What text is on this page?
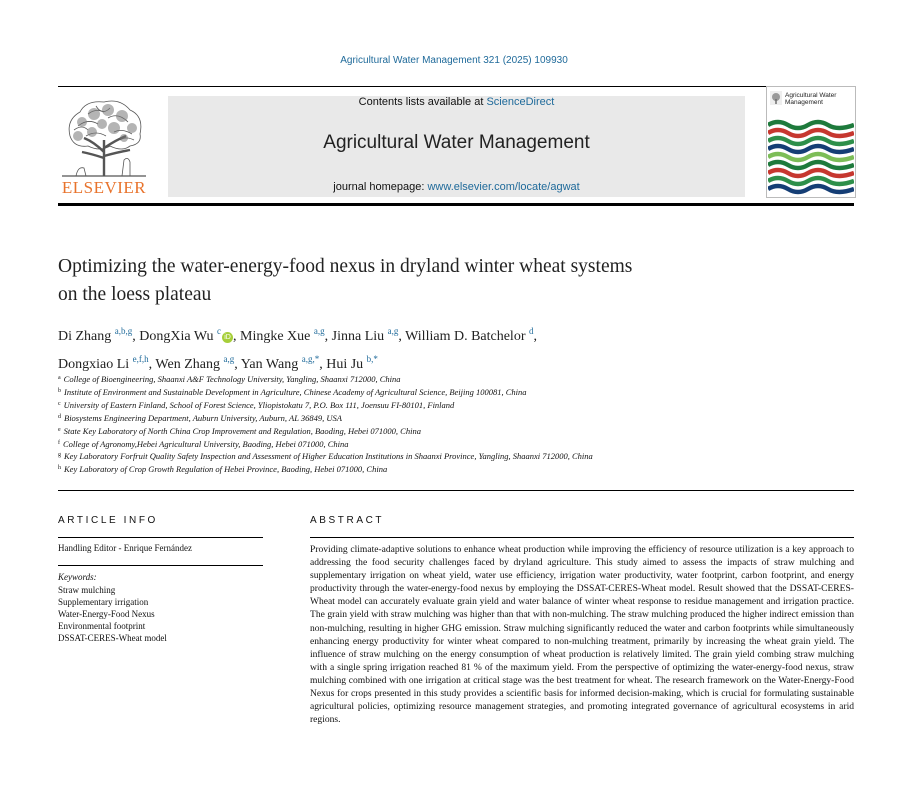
Agricultural Water Management 321 (2025) 109930
ELSEVIER
Contents lists available at ScienceDirect
Agricultural Water Management
journal homepage: www.elsevier.com/locate/agwat
Agricultural Water Management
Optimizing the water-energy-food nexus in dryland winter wheat systems
on the loess plateau
Di Zhang $^{a,b,g}$, DongXia Wu $^c$iD , Mingke Xue $^{a,g}$, Jinna Liu $^{a,g}$, William D. Batchelor $^d$,
Dongxiao Li $^{e,f,h}$, Wen Zhang $^{a,g}$, Yan Wang $^{a,g,*}$, Hui Ju $^{b,*}$
$^a$ College of Bioengineering, Shaanxi A&F Technology University, Yangling, Shaanxi 712000, China
$^b$ Institute of Environment and Sustainable Development in Agriculture, Chinese Academy of Agricultural Science, Beijing 100081, China
$^c$ University of Eastern Finland, School of Forest Science, Yliopistokatu 7, P.O. Box 111, Joensuu FI-80101, Finland
$^d$ Biosystems Engineering Department, Auburn University, Auburn, AL 36849, USA
$^e$ State Key Laboratory of North China Crop Improvement and Regulation, Baoding, Hebei 071000, China
$^f$ College of Agronomy,Hebei Agricultural University, Baoding, Hebei 071000, China
$^g$ Key Laboratory Forfruit Quality Safety Inspection and Assessment of Higher Education Institutions in Shaanxi Province, Yangling, Shaanxi 712000, China
$^h$ Key Laboratory of Crop Growth Regulation of Hebei Province, Baoding, Hebei 071000, China
ARTICLE INFO
Handling Editor - Enrique Fernández
Keywords:
Straw mulching
Supplementary irrigation
Water-Energy-Food Nexus
Environmental footprint
DSSAT-CERES-Wheat model
ABSTRACT
Providing climate-adaptive solutions to enhance wheat production while improving the efficiency of resource utilization is a key approach to addressing the food security challenges faced by dryland agriculture. This study aimed to assess the impacts of straw mulching and supplementary irrigation on wheat yield, water use efficiency, irrigation water productivity, water footprint, carbon footprint, and energy productivity through the water-energy-food nexus by employing the DSSAT-CERES-Wheat model. Result showed that the DSSAT-CERES-Wheat model can accurately evaluate grain yield and water balance of winter wheat response to residue management and irrigation practice. The grain yield with straw mulching was higher than that with non-mulching. The straw mulching produced the higher indirect emission than non-mulching, resulting in higher GHG emission. Straw mulching significantly reduced the water and carbon footprints while simultaneously enhancing energy productivity for winter wheat compared to non-mulching treatment, primarily by increasing the wheat grain yield. The influence of straw mulching on the energy consumption of wheat production is relatively limited. The grain yield combing straw mulching with a single spring irrigation reached 81 % of the maximum yield. From the perspective of optimizing the water-energy-food nexus, straw mulching combined with one irrigation at critical stage was the best treatment for wheat. The research framework on the Water-Energy-Food Nexus for crops presented in this study provides a scientific basis for informed decision-making, which is crucial for formulating sustainable agricultural policies, optimizing resource management strategies, and promoting integrated governance of agricultural ecosystems in arid regions.
